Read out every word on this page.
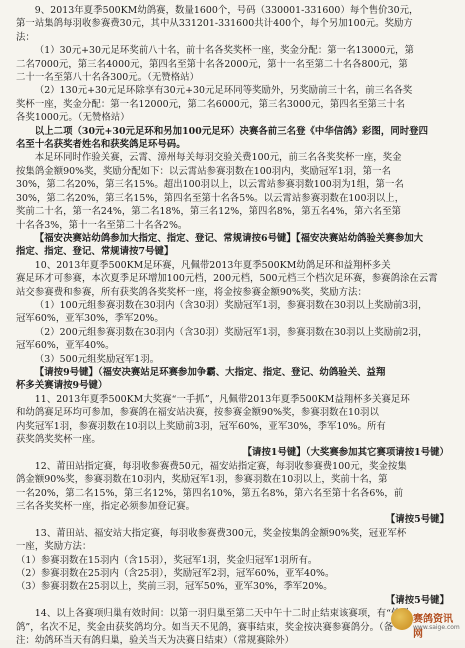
9、2013年夏季500KM幼鸽赛，数量1600个，号码（330001-331600）每个售价30元，
第一站集鸽每羽收参赛费30元，其中从331201-331600共计400个，每个另加100元。奖励方
法：

（1）30元+30元足环奖前八十名，前十名各奖奖杯一座，奖金分配：第一名13000元，第
二名7000元，第三名4000元，第四名至第十名各2000元，第十一名至第二十名各800元，第
二十一名至第八十名各300元。（无赞格站）

（2）130元+30元足环除享有30元+30元足环同等奖励外，另奖励前三十名，前三名各奖
奖杯一座，奖金分配：第一名12000元，第二名6000元，第三名3000元，第四名至第三十名
各奖1000元。（无赞格站）

以上二项（30元+30元足环和另加100元足环）决赛各前三名登《中华信鸽》彩图，同时登四
名至十名获奖者姓名和获奖鸽足环号码。

本足环同时作验关赛，云霄、漳州每关每羽交验关费100元，前三名各奖奖杯一座，奖金
按集鸽金额90%奖，奖励分配如下：以云霄站参赛羽数在100羽内，奖励冠军1羽，第一名
30%，第二名20%，第三名15%。超出100羽以上，以云霄站参赛羽数100羽为1组，第一名
30%，第二名20%，第三名15%，第四名至第十名各5%。以云霄站参赛羽数在100羽以上，
奖前二十名，第一名24%，第二名18%，第三名12%，第四名8%，第五名4%，第六名至第
十名各3%，第十一名至第二十名各2%。

【福安决赛站幼鸽参加大指定、指定、登记、常规请按6号键】【福安决赛站幼鸽验关赛参加大
指定、指定、登记、常规请按7号键】

10、2013年夏季500KM足环赛，凡佩带2013年夏季500KM幼鸽足环和益翔杯多关
赛足环才可参赛，本次夏季足环增加100元档，200元档，500元档三个档次足环赛，参赛鸽涂在云霄
站交参赛费和参赛，所有获奖鸽各奖奖杯一座，将金按参赛金额90%奖，奖励方法：

（1）100元组参赛羽数在30羽内（含30羽）奖励冠军1羽，参赛羽数在30羽以上奖励前3羽，
冠军60%，亚军30%，季军20%。

（2）200元组参赛羽数在30羽内（含30羽）奖励冠军1羽，参赛羽数在30羽以上奖励前2羽，
冠军60%，亚军40%。

（3）500元组奖励冠军1羽。

【请按9号键】（福安决赛站足环赛参加争霸、大指定、指定、登记、幼鸽验关、益翔
杯多关赛请按9号键）

11、2013年夏季500KM大奖赛“一手抓”，凡佩带2013年夏季500KM益翔杯多关赛足环
和幼鸽赛足环均可参加，参赛鸽在福安站决赛，按参赛金额90%奖，参赛羽数在10羽以
内奖冠军1羽，参赛羽数在10羽以上奖励前3羽，冠军60%，亚军30%，季军10%。所有
获奖鸽奖奖杯一座。

【请按1号键】（大奖赛参加其它赛项请按1号键）

12、莆田站指定赛，每羽收参赛费50元，福安站指定赛，每羽收参赛费100元，奖金按集
鸽金额90%奖，参赛羽数在10羽内，奖励冠军1羽，参赛羽数在10羽以上，奖前十名，第
一名20%，第二名15%，第三名12%，第四名10%，第五名8%，第六名至第十名各6%，前
三名各奖奖杯一座，指定必须参加登记赛。

【请按5号键】

13、莆田站、福安站大指定赛，每羽收参赛费300元，奖金按集鸽金额90%奖，冠亚军杯
一座，奖励方法：

（1）参赛羽数在15羽内（含15羽），奖冠军1羽，奖金归冠军1羽所有。
（2）参赛羽数在25羽内（含25羽），奖励冠军2羽，冠军60%，亚军40%。
（3）参赛羽数在25羽以上，奖前三羽，冠军50%，亚军30%，季军20%。

【请按5号键】

14、以上各赛项归巢有效时间：以第一羽归巢至第二天中午十二时止结束该赛项，有“伯马
鸽”，名次不足，奖金由获奖鸽均分。如当天不见鸽，赛事结束，奖金按决赛参赛鸽分。（备
注：幼鸽环当天有鸽归巢，验关当天为决赛日结束）（常规赛除外）

赛鸽资讯网
www.saige.com
